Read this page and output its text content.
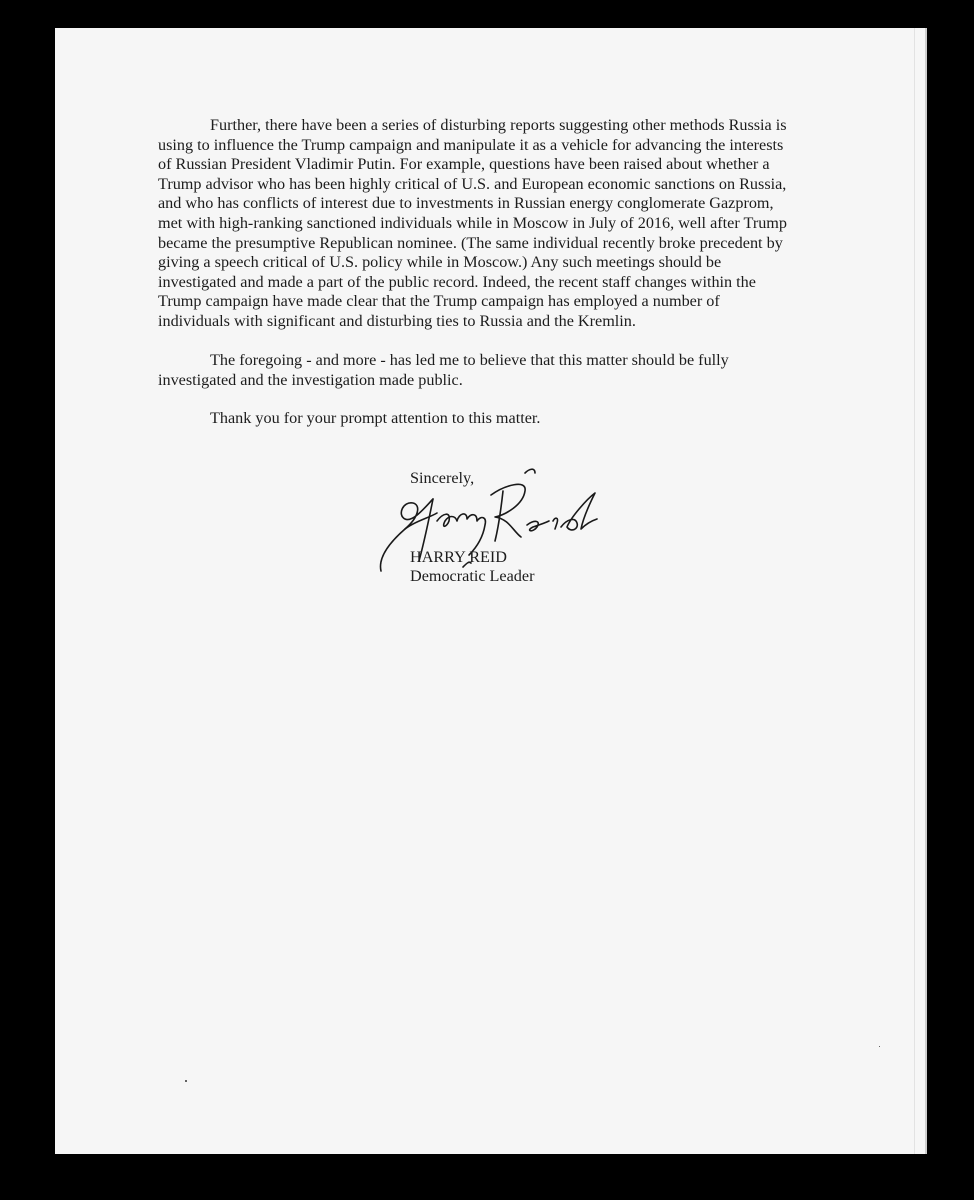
Further, there have been a series of disturbing reports suggesting other methods Russia is
using to influence the Trump campaign and manipulate it as a vehicle for advancing the interests
of Russian President Vladimir Putin. For example, questions have been raised about whether a
Trump advisor who has been highly critical of U.S. and European economic sanctions on Russia,
and who has conflicts of interest due to investments in Russian energy conglomerate Gazprom,
met with high-ranking sanctioned individuals while in Moscow in July of 2016, well after Trump
became the presumptive Republican nominee. (The same individual recently broke precedent by
giving a speech critical of U.S. policy while in Moscow.) Any such meetings should be
investigated and made a part of the public record. Indeed, the recent staff changes within the
Trump campaign have made clear that the Trump campaign has employed a number of
individuals with significant and disturbing ties to Russia and the Kremlin.
The foregoing - and more - has led me to believe that this matter should be fully
investigated and the investigation made public.
Thank you for your prompt attention to this matter.
Sincerely,
HARRY REID
Democratic Leader
